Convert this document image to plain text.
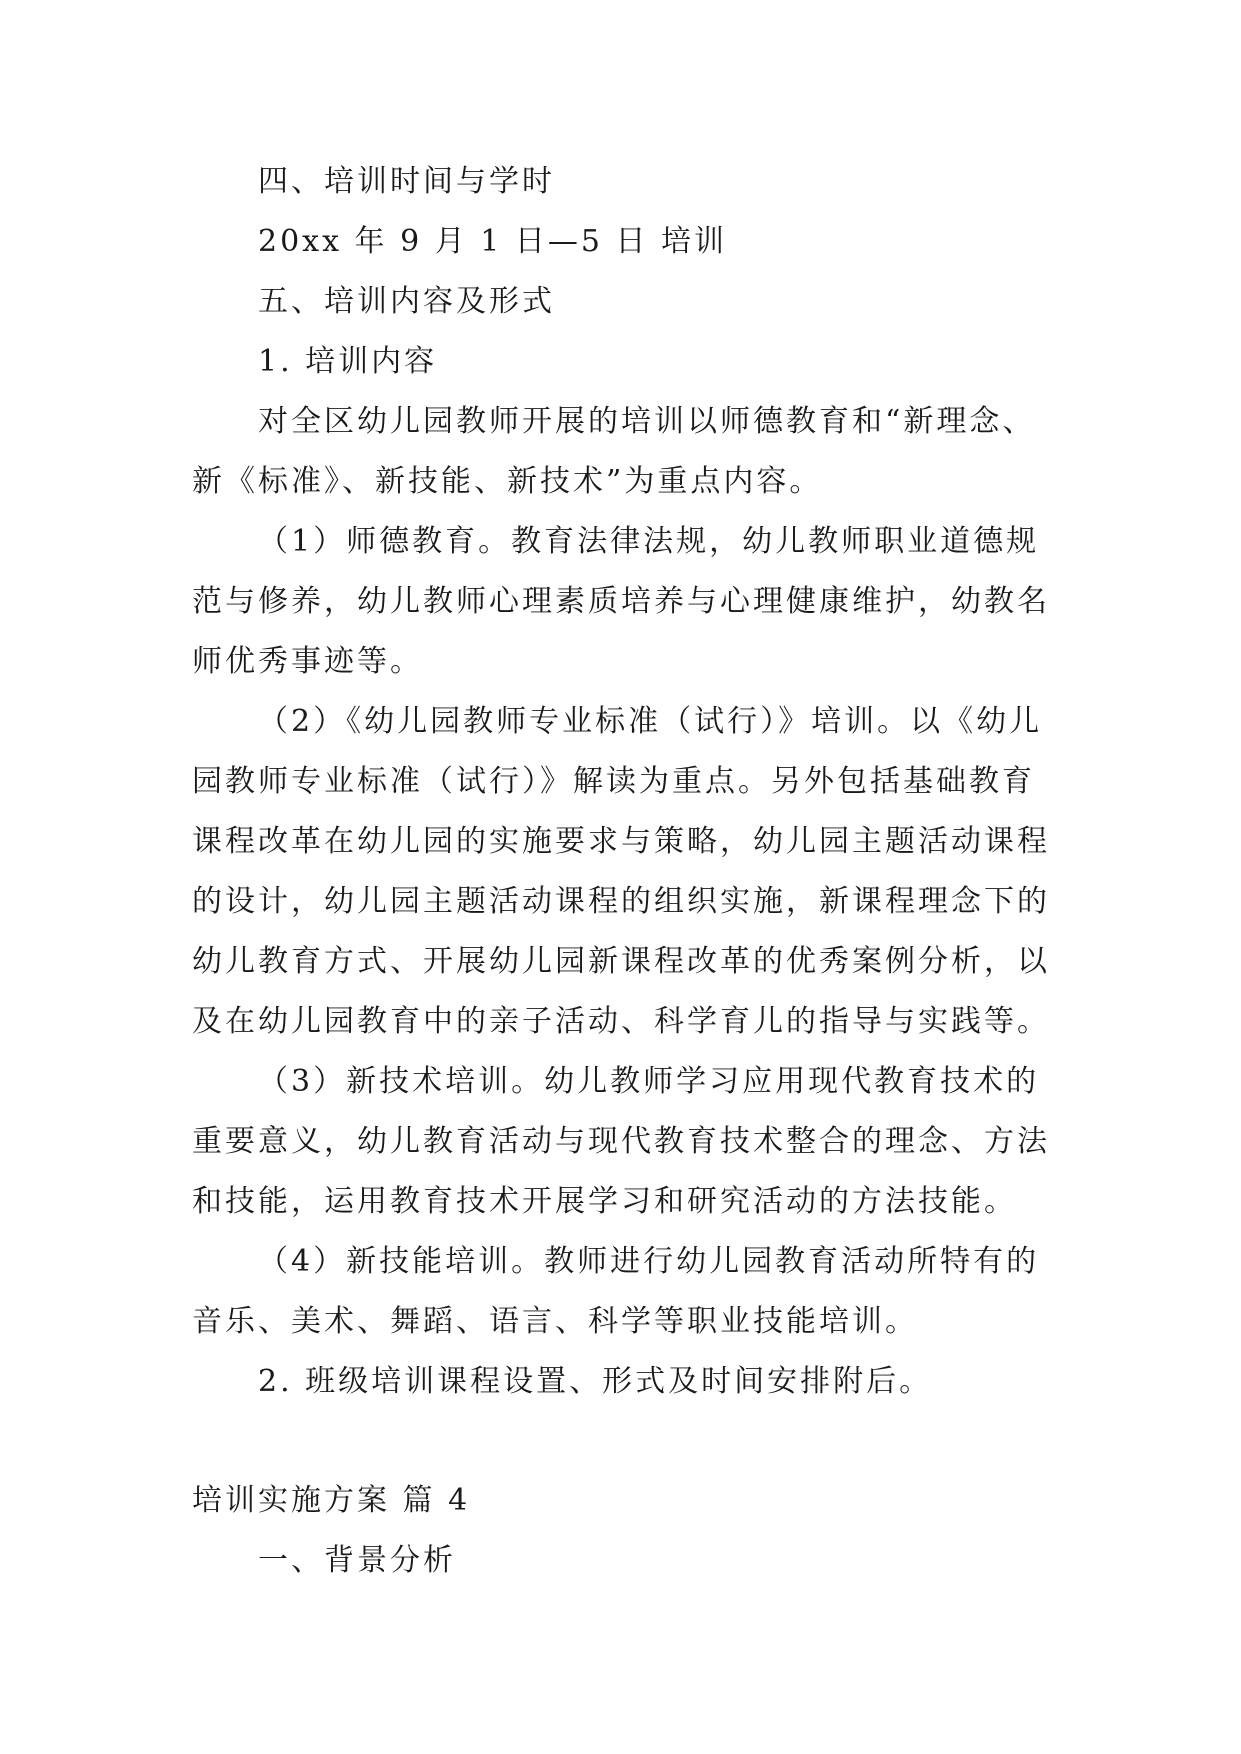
四、培训时间与学时
20xx 年 9 月 1 日—5 日 培训
五、培训内容及形式
1. 培训内容
对全区幼儿园教师开展的培训以师德教育和“新理念、
新《标准》、新技能、新技术”为重点内容。
（1）师德教育。教育法律法规，幼儿教师职业道德规
范与修养，幼儿教师心理素质培养与心理健康维护，幼教名
师优秀事迹等。
（2）《幼儿园教师专业标准（试行）》培训。以《幼儿
园教师专业标准（试行）》解读为重点。另外包括基础教育
课程改革在幼儿园的实施要求与策略，幼儿园主题活动课程
的设计，幼儿园主题活动课程的组织实施，新课程理念下的
幼儿教育方式、开展幼儿园新课程改革的优秀案例分析，以
及在幼儿园教育中的亲子活动、科学育儿的指导与实践等。
（3）新技术培训。幼儿教师学习应用现代教育技术的
重要意义，幼儿教育活动与现代教育技术整合的理念、方法
和技能，运用教育技术开展学习和研究活动的方法技能。
（4）新技能培训。教师进行幼儿园教育活动所特有的
音乐、美术、舞蹈、语言、科学等职业技能培训。
2. 班级培训课程设置、形式及时间安排附后。
培训实施方案 篇 4
一、背景分析
